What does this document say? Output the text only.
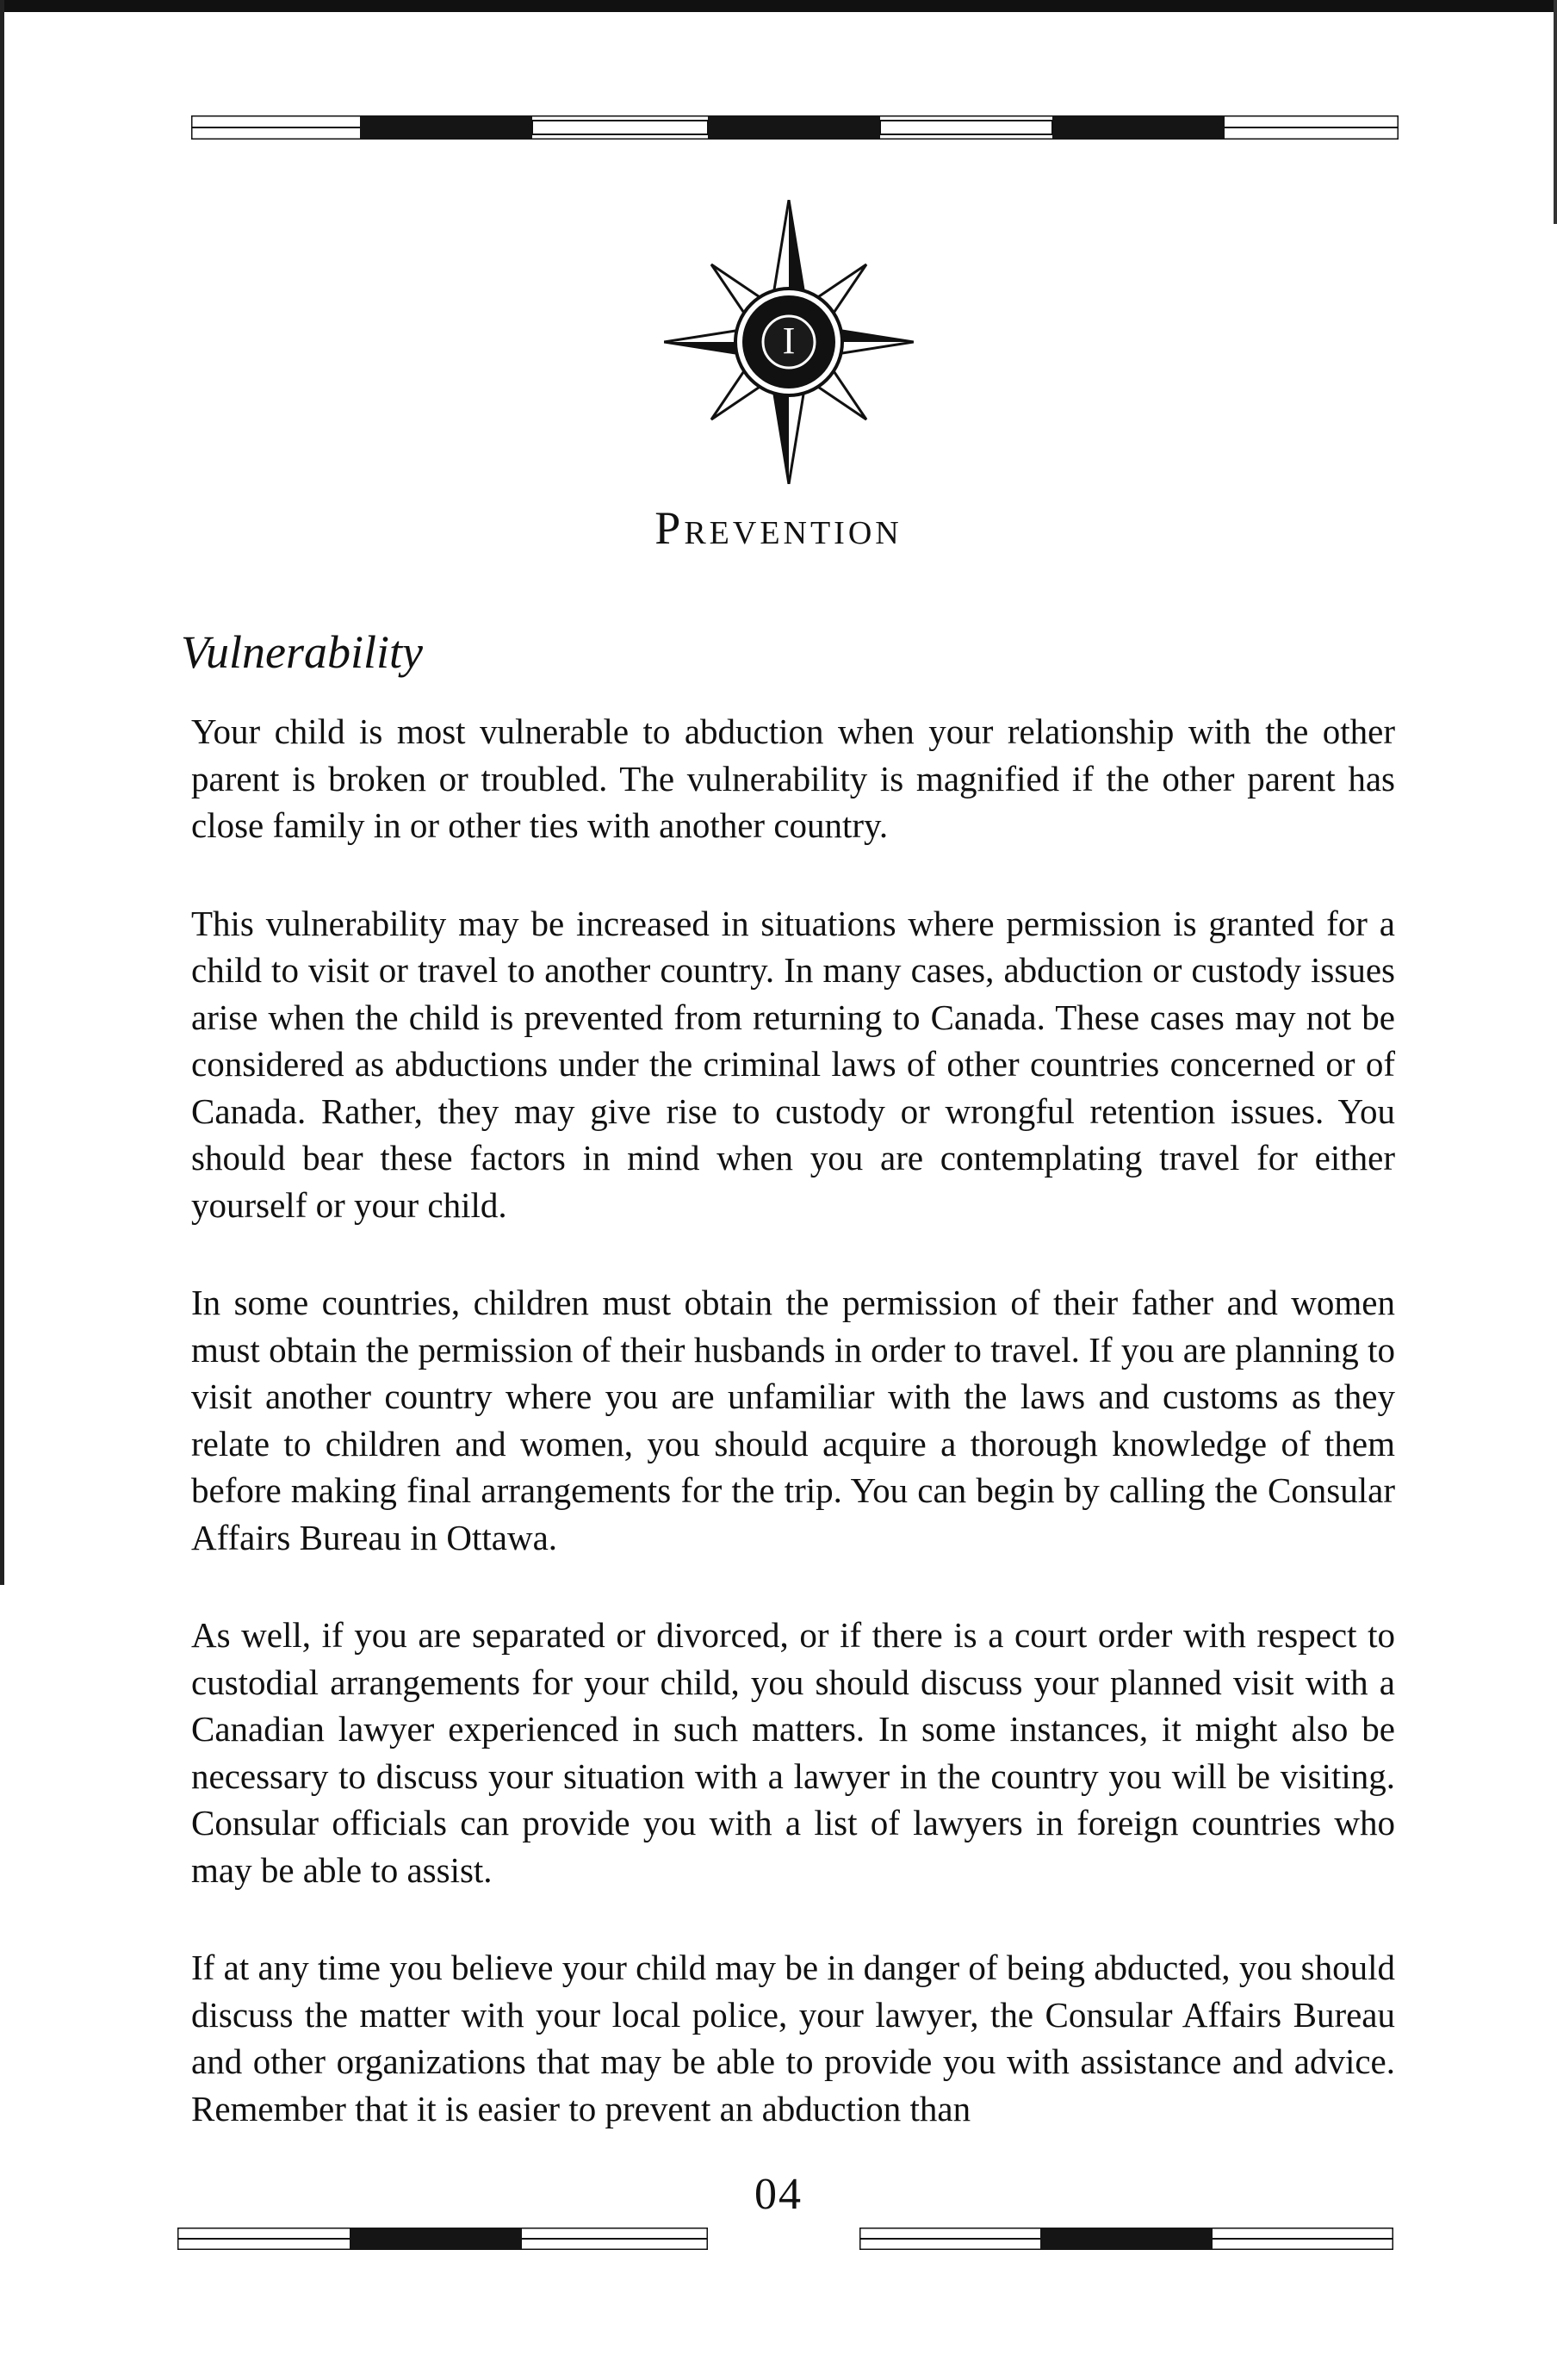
I
Prevention
Vulnerability

Your child is most vulnerable to abduction when your relationship with the other parent is broken or troubled. The vulnerability is magnified if the other parent has close family in or other ties with another country.

This vulnerability may be increased in situations where permission is granted for a child to visit or travel to another country. In many cases, abduction or custody issues arise when the child is prevented from returning to Canada. These cases may not be considered as abductions under the criminal laws of other countries concerned or of Canada. Rather, they may give rise to custody or wrongful retention issues. You should bear these factors in mind when you are contemplating travel for either yourself or your child.

In some countries, children must obtain the permission of their father and women must obtain the permission of their husbands in order to travel. If you are planning to visit another country where you are unfamiliar with the laws and customs as they relate to children and women, you should acquire a thorough knowledge of them before making final arrangements for the trip. You can begin by calling the Consular Affairs Bureau in Ottawa.

As well, if you are separated or divorced, or if there is a court order with respect to custodial arrangements for your child, you should discuss your planned visit with a Canadian lawyer experienced in such matters. In some instances, it might also be necessary to discuss your situation with a lawyer in the country you will be visiting. Consular officials can provide you with a list of lawyers in foreign countries who may be able to assist.

If at any time you believe your child may be in danger of being abducted, you should discuss the matter with your local police, your lawyer, the Consular Affairs Bureau and other organizations that may be able to provide you with assistance and advice. Remember that it is easier to prevent an abduction than

04
